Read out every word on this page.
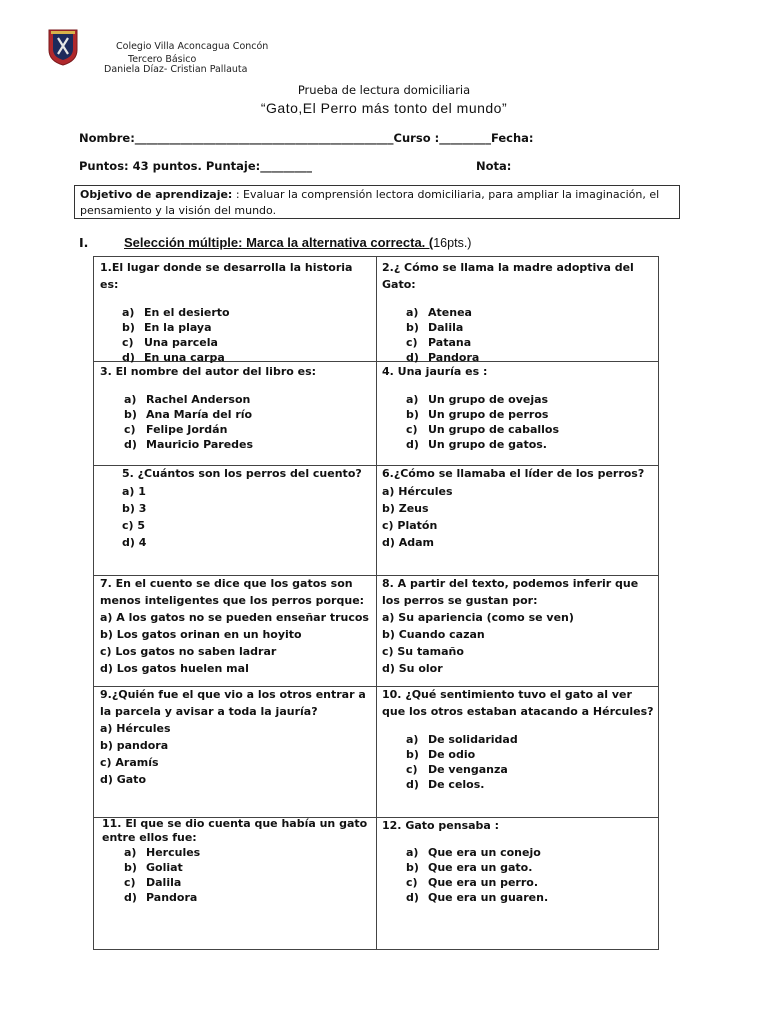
Colegio Villa Aconcagua Concón
Tercero Básico
Daniela Díaz- Cristian Pallauta
Prueba de lectura domiciliaria
“Gato,El Perro más tonto del mundo”
Nombre:_____________________________________________Curso :_________Fecha:
Puntos: 43 puntos. Puntaje:_________	Nota:
Objetivo de aprendizaje: : Evaluar la comprensión lectora domiciliaria, para ampliar la imaginación, el pensamiento y la visión del mundo.
I.	Selección múltiple: Marca la alternativa correcta. (16pts.)
1.El lugar donde se desarrolla la historia es:
a) En el desierto
b) En la playa
c) Una parcela
d) En una carpa
2.¿ Cómo se llama la madre adoptiva del Gato:
a) Atenea
b) Dalila
c) Patana
d) Pandora
3. El nombre del autor del libro es:
a) Rachel Anderson
b) Ana María del río
c) Felipe Jordán
d) Mauricio Paredes
4. Una jauría es :
a) Un grupo de ovejas
b) Un grupo de perros
c) Un grupo de caballos
d) Un grupo de gatos.
5. ¿Cuántos son los perros del cuento?
a) 1
b) 3
c) 5
d) 4
6.¿Cómo se llamaba el líder de los perros?
a) Hércules
b) Zeus
c) Platón
d) Adam
7. En el cuento se dice que los gatos son menos inteligentes que los perros porque:
a) A los gatos no se pueden enseñar trucos
b) Los gatos orinan en un hoyito
c) Los gatos no saben ladrar
d) Los gatos huelen mal
8. A partir del texto, podemos inferir que los perros se gustan por:
a) Su apariencia (como se ven)
b) Cuando cazan
c) Su tamaño
d) Su olor
9.¿Quién fue el que vio a los otros entrar a la parcela y avisar a toda la jauría?
a) Hércules
b) pandora
c) Aramís
d) Gato
10. ¿Qué sentimiento tuvo el gato al ver que los otros estaban atacando a Hércules?
a) De solidaridad
b) De odio
c) De venganza
d) De celos.
11. El que se dio cuenta que había un gato entre ellos fue:
a) Hercules
b) Goliat
c) Dalila
d) Pandora
12. Gato pensaba :
a) Que era un conejo
b) Que era un gato.
c) Que era un perro.
d) Que era un guaren.
